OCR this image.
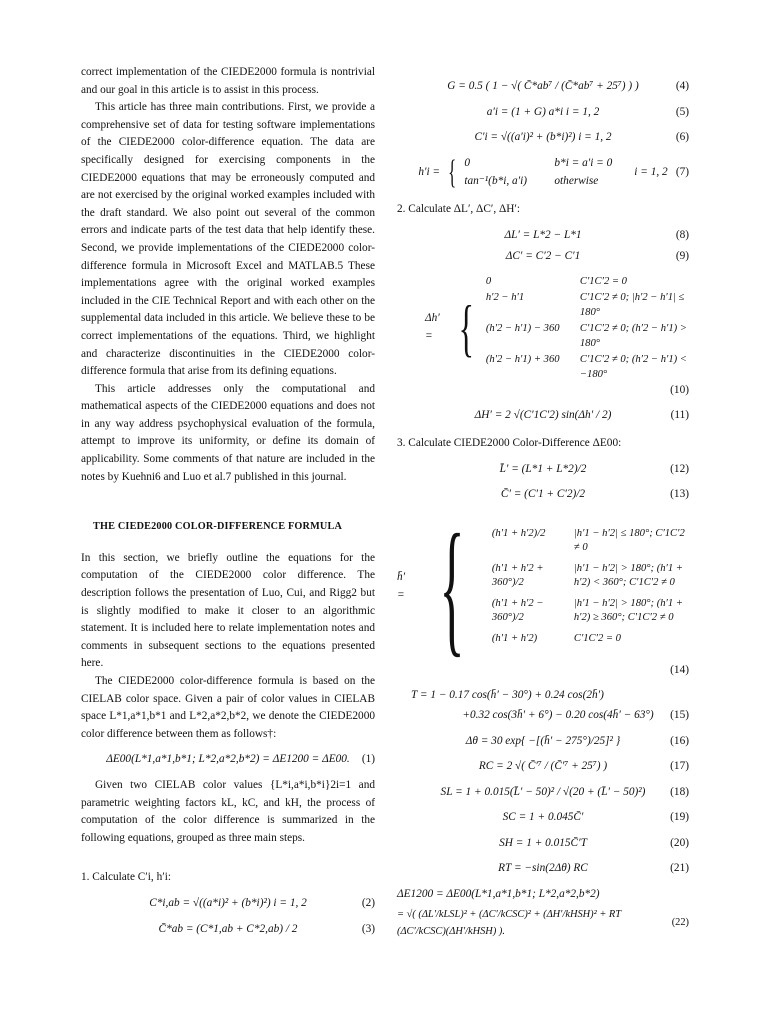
correct implementation of the CIEDE2000 formula is nontrivial and our goal in this article is to assist in this process.

This article has three main contributions. First, we provide a comprehensive set of data for testing software implementations of the CIEDE2000 color-difference equation. The data are specifically designed for exercising components in the CIEDE2000 equations that may be erroneously computed and are not exercised by the original worked examples included with the draft standard. We also point out several of the common errors and indicate parts of the test data that help identify these. Second, we provide implementations of the CIEDE2000 color-difference formula in Microsoft Excel and MATLAB.5 These implementations agree with the original worked examples included in the CIE Technical Report and with each other on the supplemental data included in this article. We believe these to be correct implementations of the equations. Third, we highlight and characterize discontinuities in the CIEDE2000 color-difference formula that arise from its defining equations.

This article addresses only the computational and mathematical aspects of the CIEDE2000 equations and does not in any way address psychophysical evaluation of the formula, attempt to improve its uniformity, or define its domain of applicability. Some comments of that nature are included in the notes by Kuehni6 and Luo et al.7 published in this journal.

THE CIEDE2000 COLOR-DIFFERENCE FORMULA

In this section, we briefly outline the equations for the computation of the CIEDE2000 color difference. The description follows the presentation of Luo, Cui, and Rigg2 but is slightly modified to make it closer to an algorithmic statement. It is included here to relate implementation notes and comments in subsequent sections to the equations presented here.

The CIEDE2000 color-difference formula is based on the CIELAB color space. Given a pair of color values in CIELAB space L*1,a*1,b*1 and L*2,a*2,b*2, we denote the CIEDE2000 color difference between them as follows†:

ΔE00(L*1,a*1,b*1; L*2,a*2,b*2) = ΔE1200 = ΔE00. (1)

Given two CIELAB color values {L*i,a*i,b*i}2i=1 and parametric weighting factors kL, kC, and kH, the process of computation of the color difference is summarized in the following equations, grouped as three main steps.

1. Calculate C′i, h′i:
C*i,ab = √((a*i)² + (b*i)²) i = 1, 2	(2)
C̄*ab = (C*1,ab + C*2,ab) / 2	(3)
G = 0.5 ( 1 − √( C̄*ab⁷ / (C̄*ab⁷ + 25⁷) ) )	(4)
a′i = (1 + G) a*i i = 1, 2	(5)
C′i = √((a′i)² + (b*i)²) i = 1, 2	(6)
h′i = { 0	b*i = a′i = 0
tan⁻¹(b*i, a′i)	otherwise
i = 1, 2 (7)
2. Calculate ΔL′, ΔC′, ΔH′:
ΔL′ = L*2 − L*1	(8)
ΔC′ = C′2 − C′1	(9)
Δh′ = {
0	C′1C′2 = 0
h′2 − h′1	C′1C′2 ≠ 0; |h′2 − h′1| ≤ 180°
(h′2 − h′1) − 360	C′1C′2 ≠ 0; (h′2 − h′1) > 180°
(h′2 − h′1) + 360	C′1C′2 ≠ 0; (h′2 − h′1) < −180°
(10)
ΔH′ = 2 √(C′1C′2) sin(Δh′ / 2)	(11)
3. Calculate CIEDE2000 Color-Difference ΔE00:
L̄′ = (L*1 + L*2)/2	(12)
C̄′ = (C′1 + C′2)/2	(13)
h̄′ = {	(h′1 + h′2)/2	|h′1 − h′2| ≤ 180°; C′1C′2 ≠ 0
(h′1 + h′2 + 360°)/2
|h′1 − h′2| > 180°; (h′1 + h′2) < 360°; C′1C′2 ≠ 0
(h′1 + h′2 − 360°)/2
|h′1 − h′2| > 180°; (h′1 + h′2) ≥ 360°; C′1C′2 ≠ 0
(h′1 + h′2)	C′1C′2 = 0
(14)
T = 1 − 0.17 cos(h̄′ − 30°) + 0.24 cos(2h̄′)
+0.32 cos(3h̄′ + 6°) − 0.20 cos(4h̄′ − 63°) (15)
Δθ = 30 exp{ −[(h̄′ − 275°)/25]² }	(16)
RC = 2 √( C̄′⁷ / (C̄′⁷ + 25⁷) )	(17)
SL = 1 + 0.015(L̄′ − 50)² / √(20 + (L̄′ − 50)²) (18)
SC = 1 + 0.045C̄′	(19)
SH = 1 + 0.015C̄′T	(20)
RT = −sin(2Δθ) RC	(21)
ΔE1200 = ΔE00(L*1,a*1,b*1; L*2,a*2,b*2)
= √( (ΔL′/kLSL)² + (ΔC′/kCSC)² + (ΔH′/kHSH)² + RT (ΔC′/kCSC)(ΔH′/kHSH) ).
(22)
